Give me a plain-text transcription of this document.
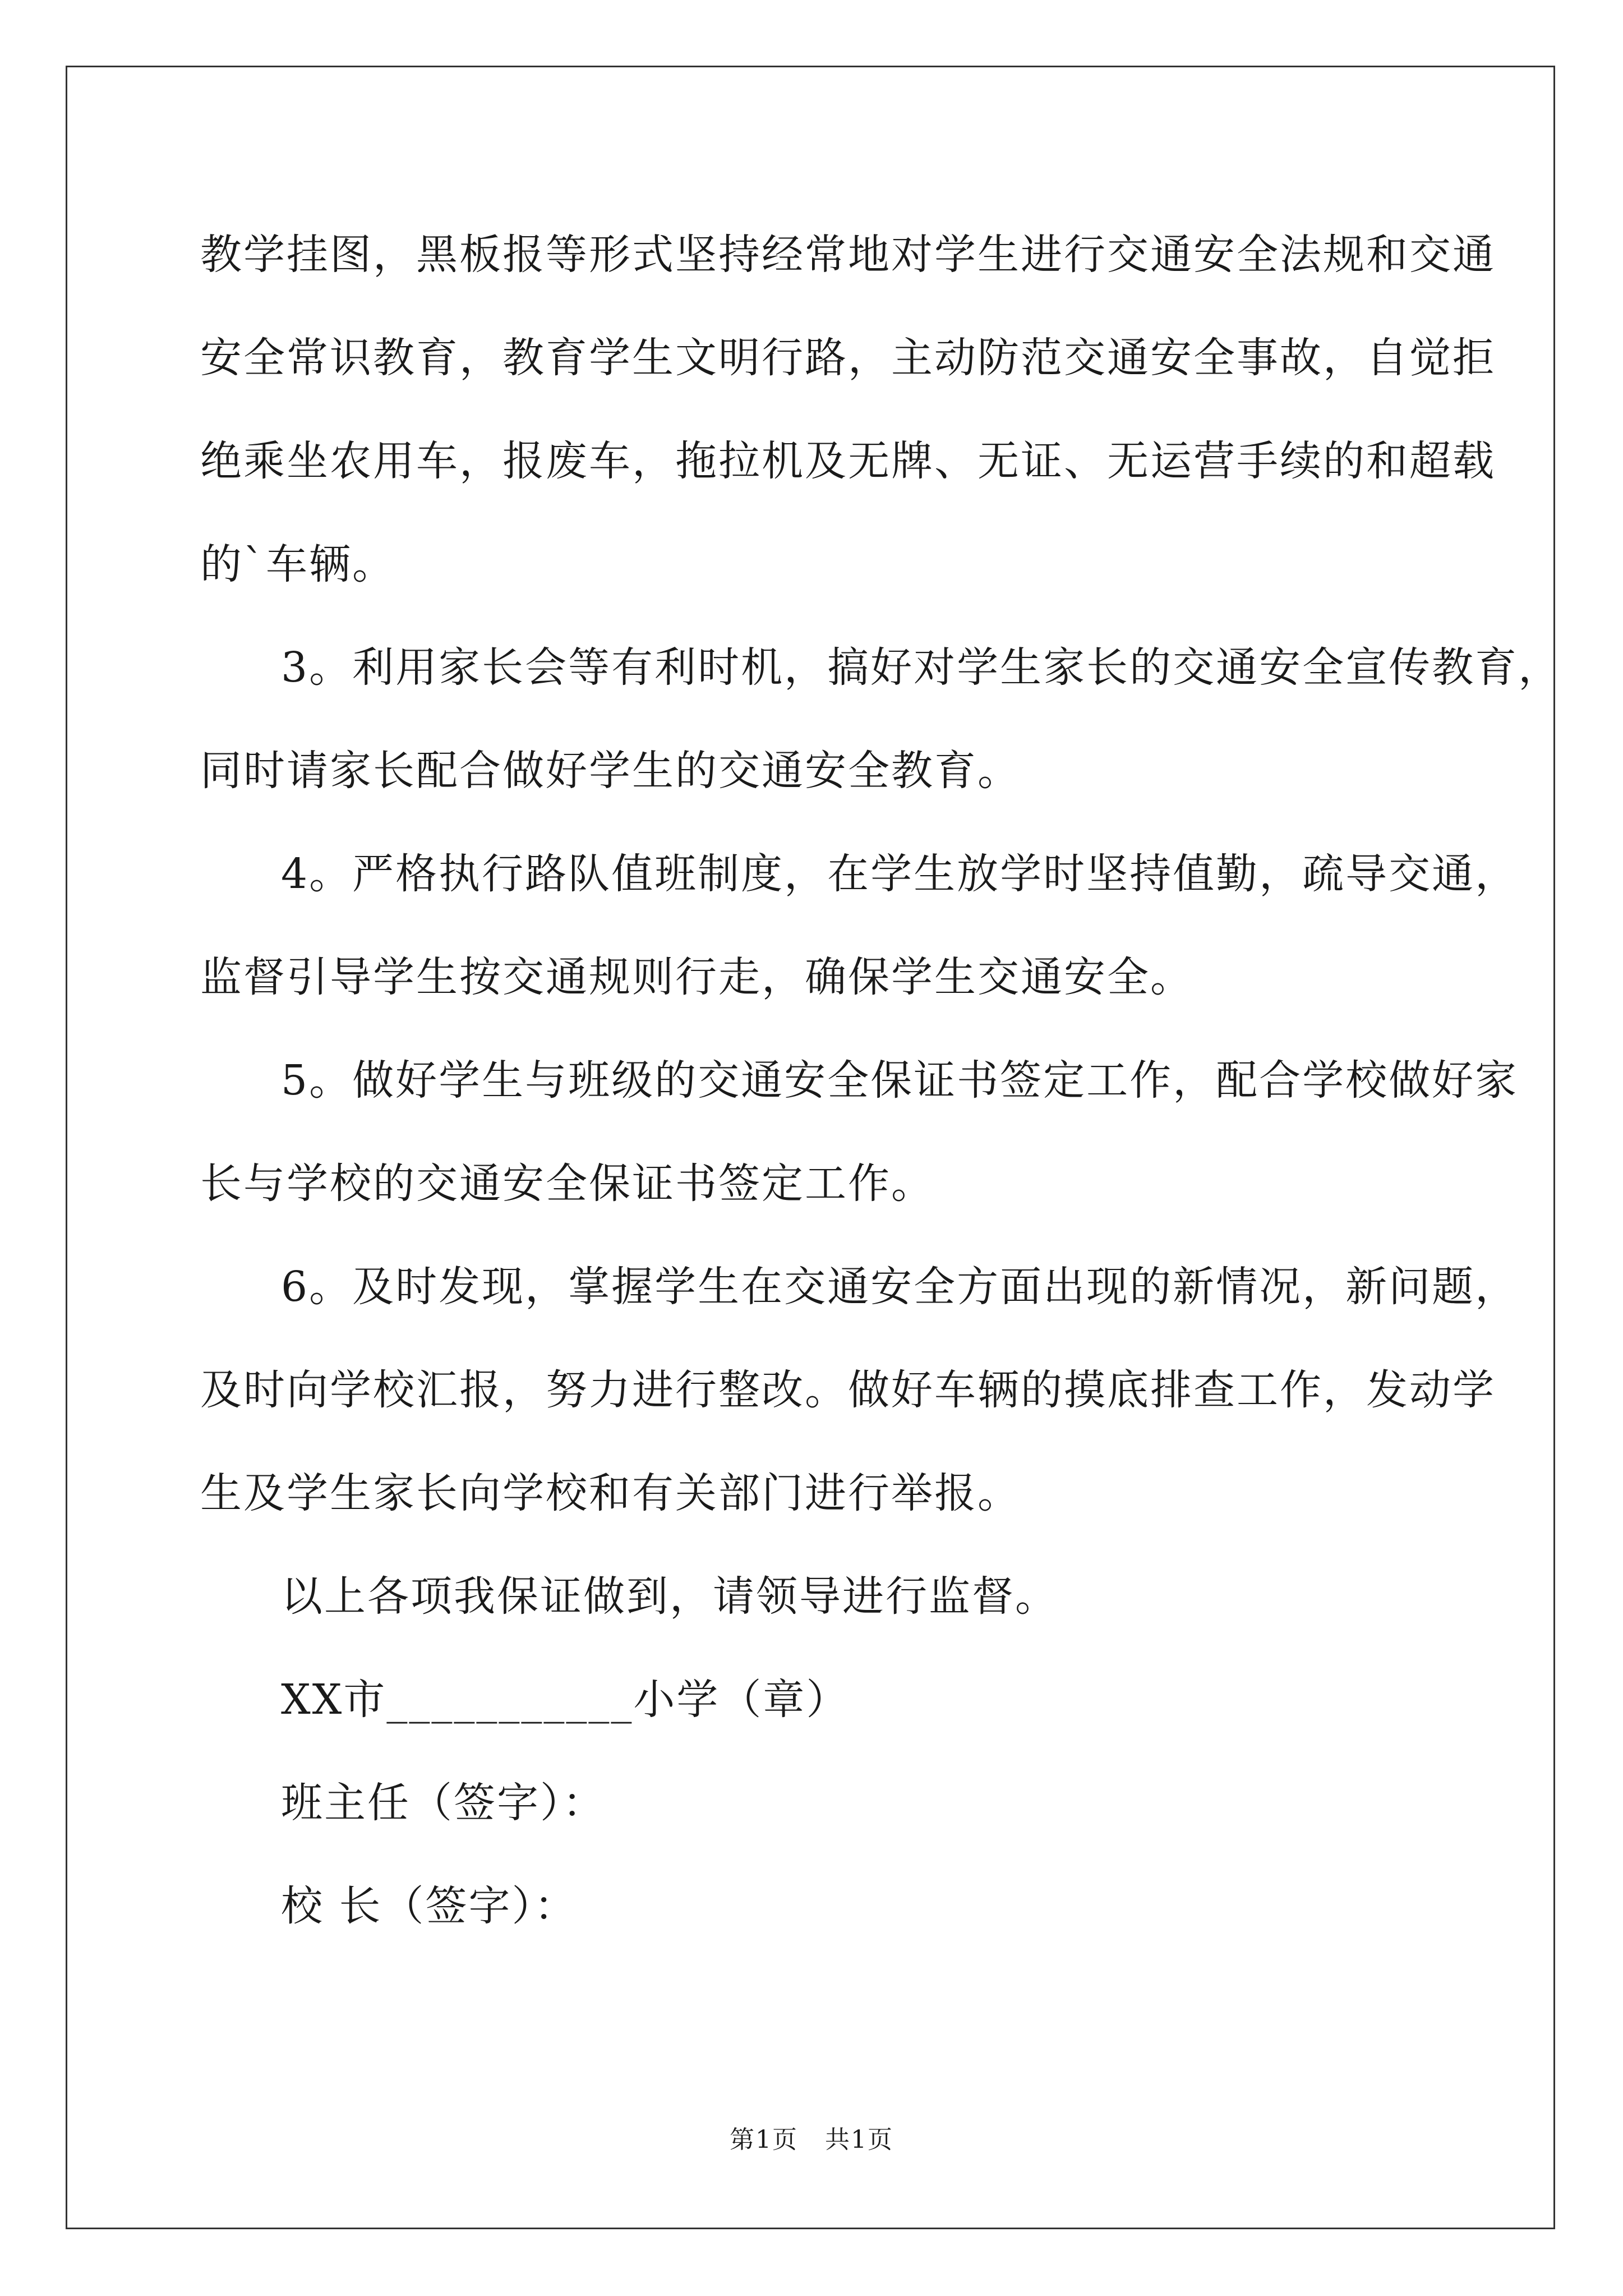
教学挂图，黑板报等形式坚持经常地对学生进行交通安全法规和交通
安全常识教育，教育学生文明行路，主动防范交通安全事故，自觉拒
绝乘坐农用车，报废车，拖拉机及无牌、无证、无运营手续的和超载
的`车辆。
3。利用家长会等有利时机，搞好对学生家长的交通安全宣传教育，
同时请家长配合做好学生的交通安全教育。
4。严格执行路队值班制度，在学生放学时坚持值勤，疏导交通，
监督引导学生按交通规则行走，确保学生交通安全。
5。做好学生与班级的交通安全保证书签定工作，配合学校做好家
长与学校的交通安全保证书签定工作。
6。及时发现，掌握学生在交通安全方面出现的新情况，新问题，
及时向学校汇报，努力进行整改。做好车辆的摸底排查工作，发动学
生及学生家长向学校和有关部门进行举报。
以上各项我保证做到，请领导进行监督。
XX市___________小学（章）
班主任（签字）：
校 长（签字）：
第1页 共1页
